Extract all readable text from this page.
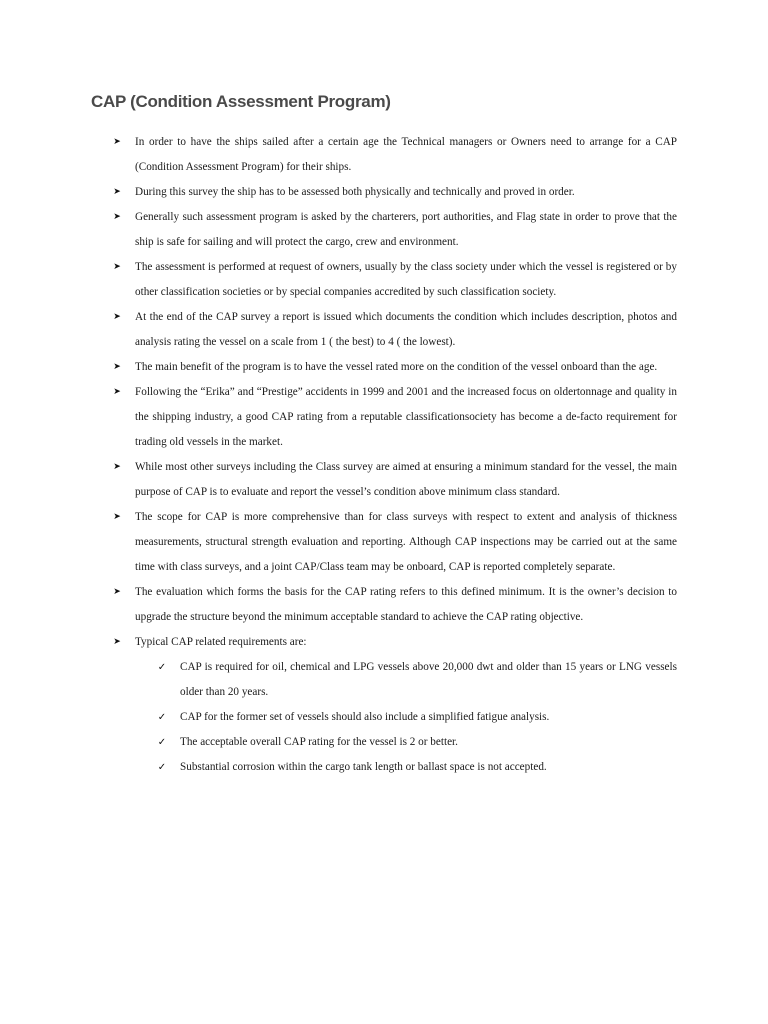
CAP (Condition Assessment Program)
➤ In order to have the ships sailed after a certain age the Technical managers or Owners need to arrange for a CAP (Condition Assessment Program) for their ships.
➤ During this survey the ship has to be assessed both physically and technically and proved in order.
➤ Generally such assessment program is asked by the charterers, port authorities, and Flag state in order to prove that the ship is safe for sailing and will protect the cargo, crew and environment.
➤ The assessment is performed at request of owners, usually by the class society under which the vessel is registered or by other classification societies or by special companies accredited by such classification society.
➤ At the end of the CAP survey a report is issued which documents the condition which includes description, photos and analysis rating the vessel on a scale from 1 ( the best) to 4 ( the lowest).
➤ The main benefit of the program is to have the vessel rated more on the condition of the vessel onboard than the age.
➤ Following the “Erika” and “Prestige” accidents in 1999 and 2001 and the increased focus on oldertonnage and quality in the shipping industry, a good CAP rating from a reputable classificationsociety has become a de-facto requirement for trading old vessels in the market.
➤ While most other surveys including the Class survey are aimed at ensuring a minimum standard for the vessel, the main purpose of CAP is to evaluate and report the vessel’s condition above minimum class standard.
➤ The scope for CAP is more comprehensive than for class surveys with respect to extent and analysis of thickness measurements, structural strength evaluation and reporting. Although CAP inspections may be carried out at the same time with class surveys, and a joint CAP/Class team may be onboard, CAP is reported completely separate.
➤ The evaluation which forms the basis for the CAP rating refers to this defined minimum. It is the owner’s decision to upgrade the structure beyond the minimum acceptable standard to achieve the CAP rating objective.
➤ Typical CAP related requirements are:
✓ CAP is required for oil, chemical and LPG vessels above 20,000 dwt and older than 15 years or LNG vessels older than 20 years.
✓ CAP for the former set of vessels should also include a simplified fatigue analysis.
✓ The acceptable overall CAP rating for the vessel is 2 or better.
✓ Substantial corrosion within the cargo tank length or ballast space is not accepted.
